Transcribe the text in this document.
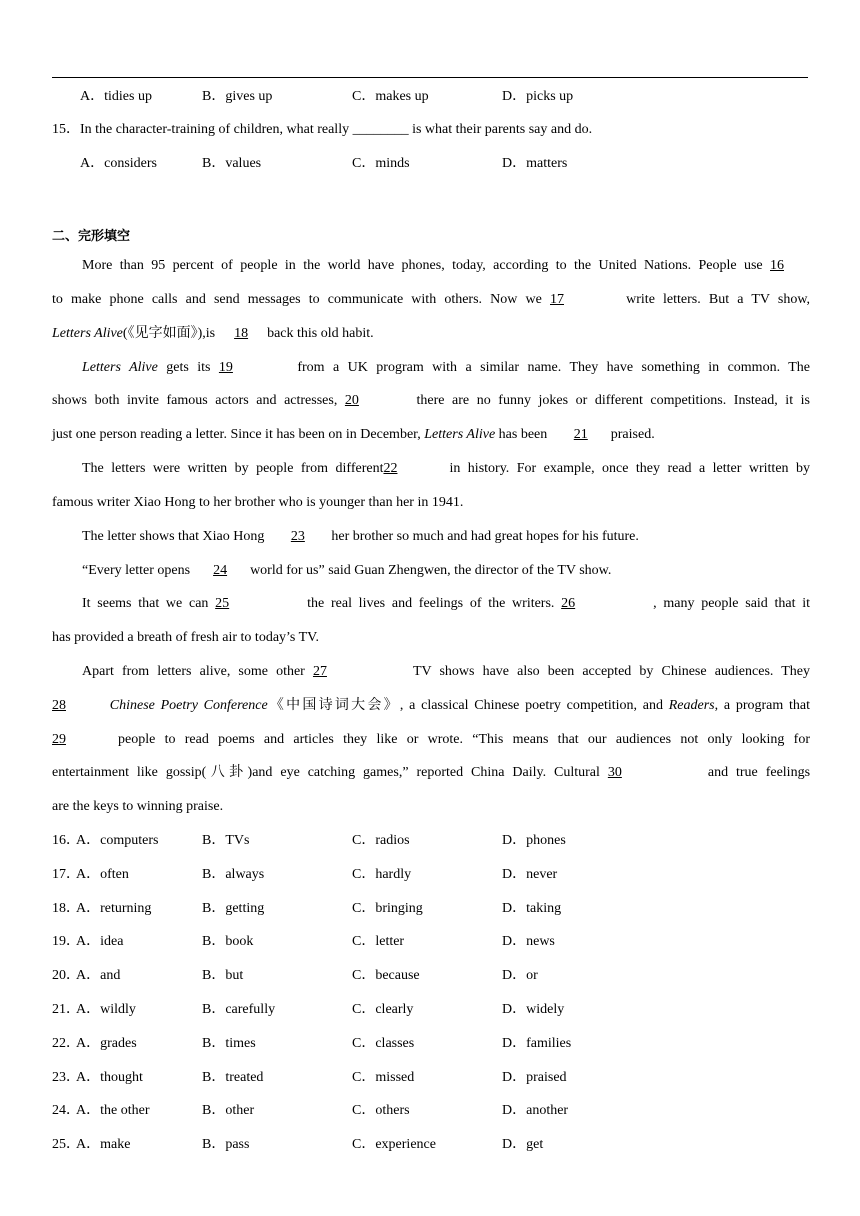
A．tidies up	B．gives up	C．makes up	D．picks up
15．In the character-training of children, what really ________ is what their parents say and do.
A．considers	B．values	C．minds	D．matters
二、完形填空
More than 95 percent of people in the world have phones, today, according to the United Nations. People use 16
to make phone calls and send messages to communicate with others. Now we 17	write letters. But a TV show,
Letters Alive(《见字如面》),is 18 back this old habit.
Letters Alive gets its 19	from a UK program with a similar name. They have something in common. The
shows both invite famous actors and actresses, 20	there are no funny jokes or different competitions. Instead, it is
just one person reading a letter. Since it has been on in December, Letters Alive has been 21 praised.
The letters were written by people from different22	in history. For example, once they read a letter written by
famous writer Xiao Hong to her brother who is younger than her in 1941.
The letter shows that Xiao Hong 23 her brother so much and had great hopes for his future.
“Every letter opens 24 world for us” said Guan Zhengwen, the director of the TV show.
It seems that we can 25	the real lives and feelings of the writers. 26	, many people said that it
has provided a breath of fresh air to today’s TV.
Apart from letters alive, some other 27	TV shows have also been accepted by Chinese audiences. They
28	Chinese Poetry Conference《中国诗词大会》, a classical Chinese poetry competition, and Readers, a program that
29	people to read poems and articles they like or wrote. “This means that our audiences not only looking for
entertainment like gossip(八卦)and eye catching games,” reported China Daily. Cultural 30	and true feelings
are the keys to winning praise.
16．
A．computers	B．TVs	C．radios	D．phones
17．
A．often	B．always	C．hardly	D．never
18．
A．returning	B．getting	C．bringing	D．taking
19．
A．idea	B．book	C．letter	D．news
20．
A．and	B．but	C．because	D．or
21．
A．wildly	B．carefully	C．clearly	D．widely
22．
A．grades	B．times	C．classes	D．families
23．
A．thought	B．treated	C．missed	D．praised
24．
A．the other	B．other	C．others	D．another
25．
A．make	B．pass	C．experience	D．get
